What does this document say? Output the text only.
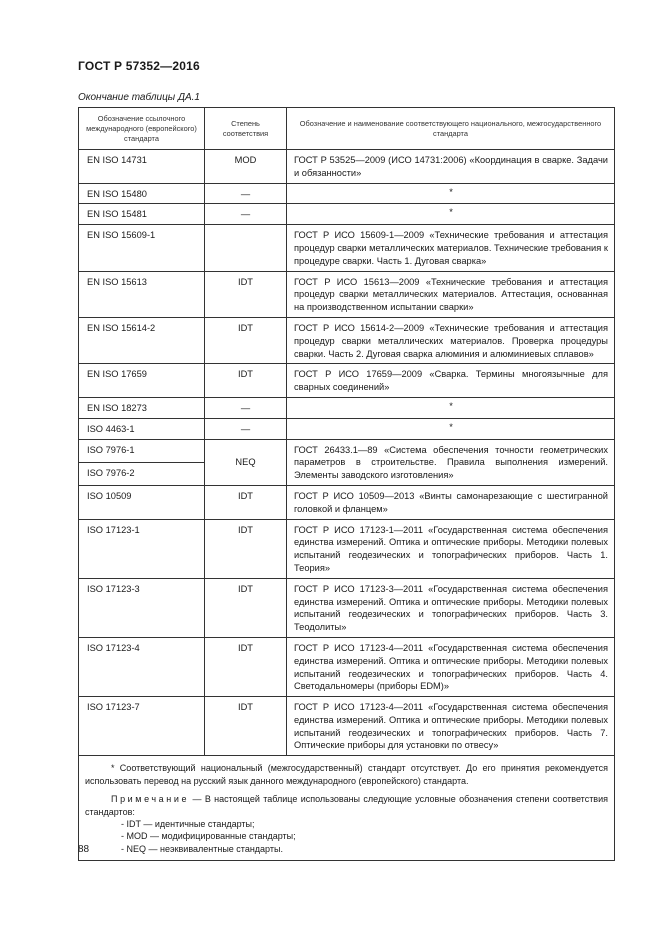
ГОСТ Р 57352—2016
Окончание таблицы ДА.1
Обозначение ссылочного международного (европейского) стандарта	Степень соответствия	Обозначение и наименование соответствующего национального, межгосударственного стандарта
EN ISO 14731	MOD	ГОСТ Р 53525—2009 (ИСО 14731:2006) «Координация в сварке. Задачи и обязанности»
EN ISO 15480	—	*
EN ISO 15481	—	*
EN ISO 15609-1		ГОСТ Р ИСО 15609-1—2009 «Технические требования и аттестация процедур сварки металлических материалов. Технические требования к процедуре сварки. Часть 1. Дуговая сварка»
EN ISO 15613	IDT	ГОСТ Р ИСО 15613—2009 «Технические требования и аттестация процедур сварки металлических материалов. Аттестация, основанная на производственном испытании сварки»
EN ISO 15614-2	IDT	ГОСТ Р ИСО 15614-2—2009 «Технические требования и аттестация процедур сварки металлических материалов. Проверка процедуры сварки. Часть 2. Дуговая сварка алюминия и алюминиевых сплавов»
EN ISO 17659	IDT	ГОСТ Р ИСО 17659—2009 «Сварка. Термины многоязычные для сварных соединений»
EN ISO 18273	—	*
ISO 4463-1	—	*
ISO 7976-1	NEQ	ГОСТ 26433.1—89 «Система обеспечения точности геометрических параметров в строительстве. Правила выполнения измерений. Элементы заводского изготовления»
ISO 7976-2		
ISO 10509	IDT	ГОСТ Р ИСО 10509—2013 «Винты самонарезающие с шестигранной головкой и фланцем»
ISO 17123-1	IDT	ГОСТ Р ИСО 17123-1—2011 «Государственная система обеспечения единства измерений. Оптика и оптические приборы. Методики полевых испытаний геодезических и топографических приборов. Часть 1. Теория»
ISO 17123-3	IDT	ГОСТ Р ИСО 17123-3—2011 «Государственная система обеспечения единства измерений. Оптика и оптические приборы. Методики полевых испытаний геодезических и топографических приборов. Часть 3. Теодолиты»
ISO 17123-4	IDT	ГОСТ Р ИСО 17123-4—2011 «Государственная система обеспечения единства измерений. Оптика и оптические приборы. Методики полевых испытаний геодезических и топографических приборов. Часть 4. Светодальномеры (приборы EDM)»
ISO 17123-7	IDT	ГОСТ Р ИСО 17123-4—2011 «Государственная система обеспечения единства измерений. Оптика и оптические приборы. Методики полевых испытаний геодезических и топографических приборов. Часть 7. Оптические приборы для установки по отвесу»

* Соответствующий национальный (межгосударственный) стандарт отсутствует. До его принятия рекомендуется использовать перевод на русский язык данного международного (европейского) стандарта.

Примечание — В настоящей таблице использованы следующие условные обозначения степени соответствия стандартов:

- IDT — идентичные стандарты;

- MOD — модифицированные стандарты;

- NEQ — неэквивалентные стандарты.		

88
